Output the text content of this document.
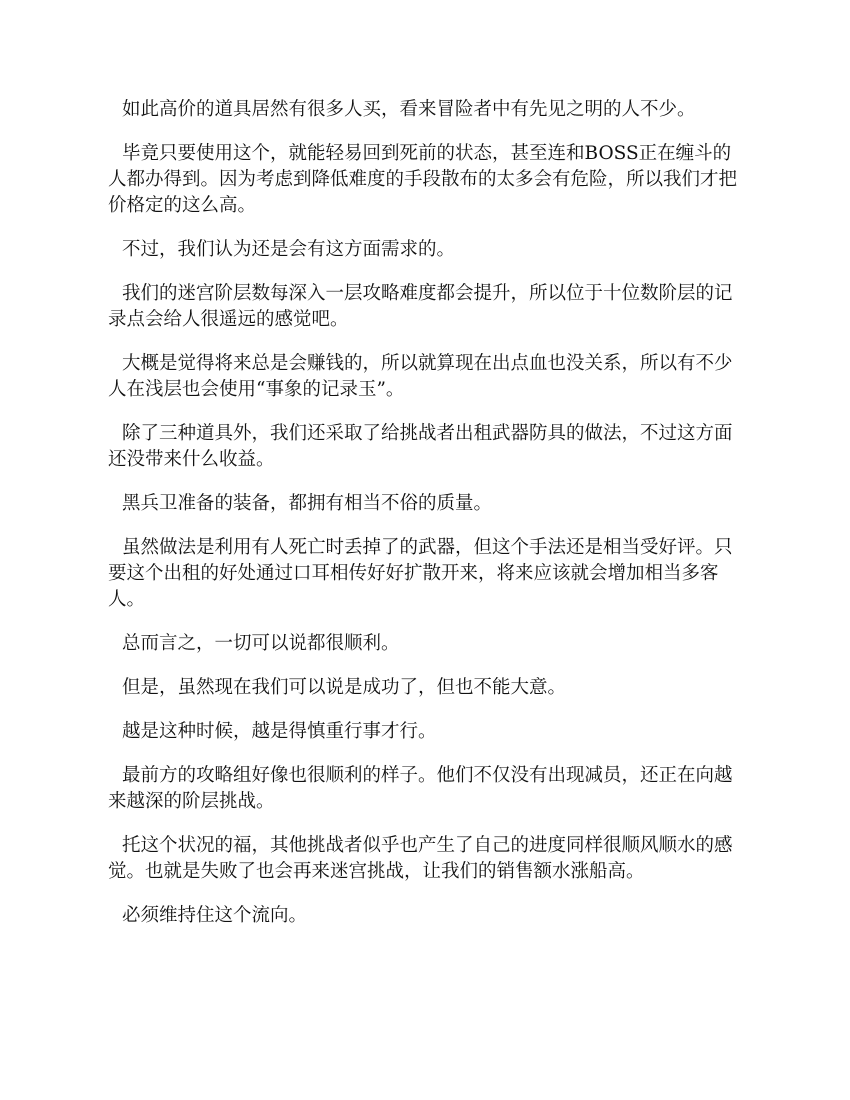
如此高价的道具居然有很多人买，看来冒险者中有先见之明的人不少。

毕竟只要使用这个，就能轻易回到死前的状态，甚至连和BOSS正在缠斗的人都办得到。因为考虑到降低难度的手段散布的太多会有危险，所以我们才把价格定的这么高。

不过，我们认为还是会有这方面需求的。

我们的迷宫阶层数每深入一层攻略难度都会提升，所以位于十位数阶层的记录点会给人很遥远的感觉吧。

大概是觉得将来总是会赚钱的，所以就算现在出点血也没关系，所以有不少人在浅层也会使用“事象的记录玉”。

除了三种道具外，我们还采取了给挑战者出租武器防具的做法，不过这方面还没带来什么收益。

黑兵卫准备的装备，都拥有相当不俗的质量。

虽然做法是利用有人死亡时丢掉了的武器，但这个手法还是相当受好评。只要这个出租的好处通过口耳相传好好扩散开来，将来应该就会增加相当多客人。

总而言之，一切可以说都很顺利。

但是，虽然现在我们可以说是成功了，但也不能大意。

越是这种时候，越是得慎重行事才行。

最前方的攻略组好像也很顺利的样子。他们不仅没有出现减员，还正在向越来越深的阶层挑战。

托这个状况的福，其他挑战者似乎也产生了自己的进度同样很顺风顺水的感觉。也就是失败了也会再来迷宫挑战，让我们的销售额水涨船高。

必须维持住这个流向。
